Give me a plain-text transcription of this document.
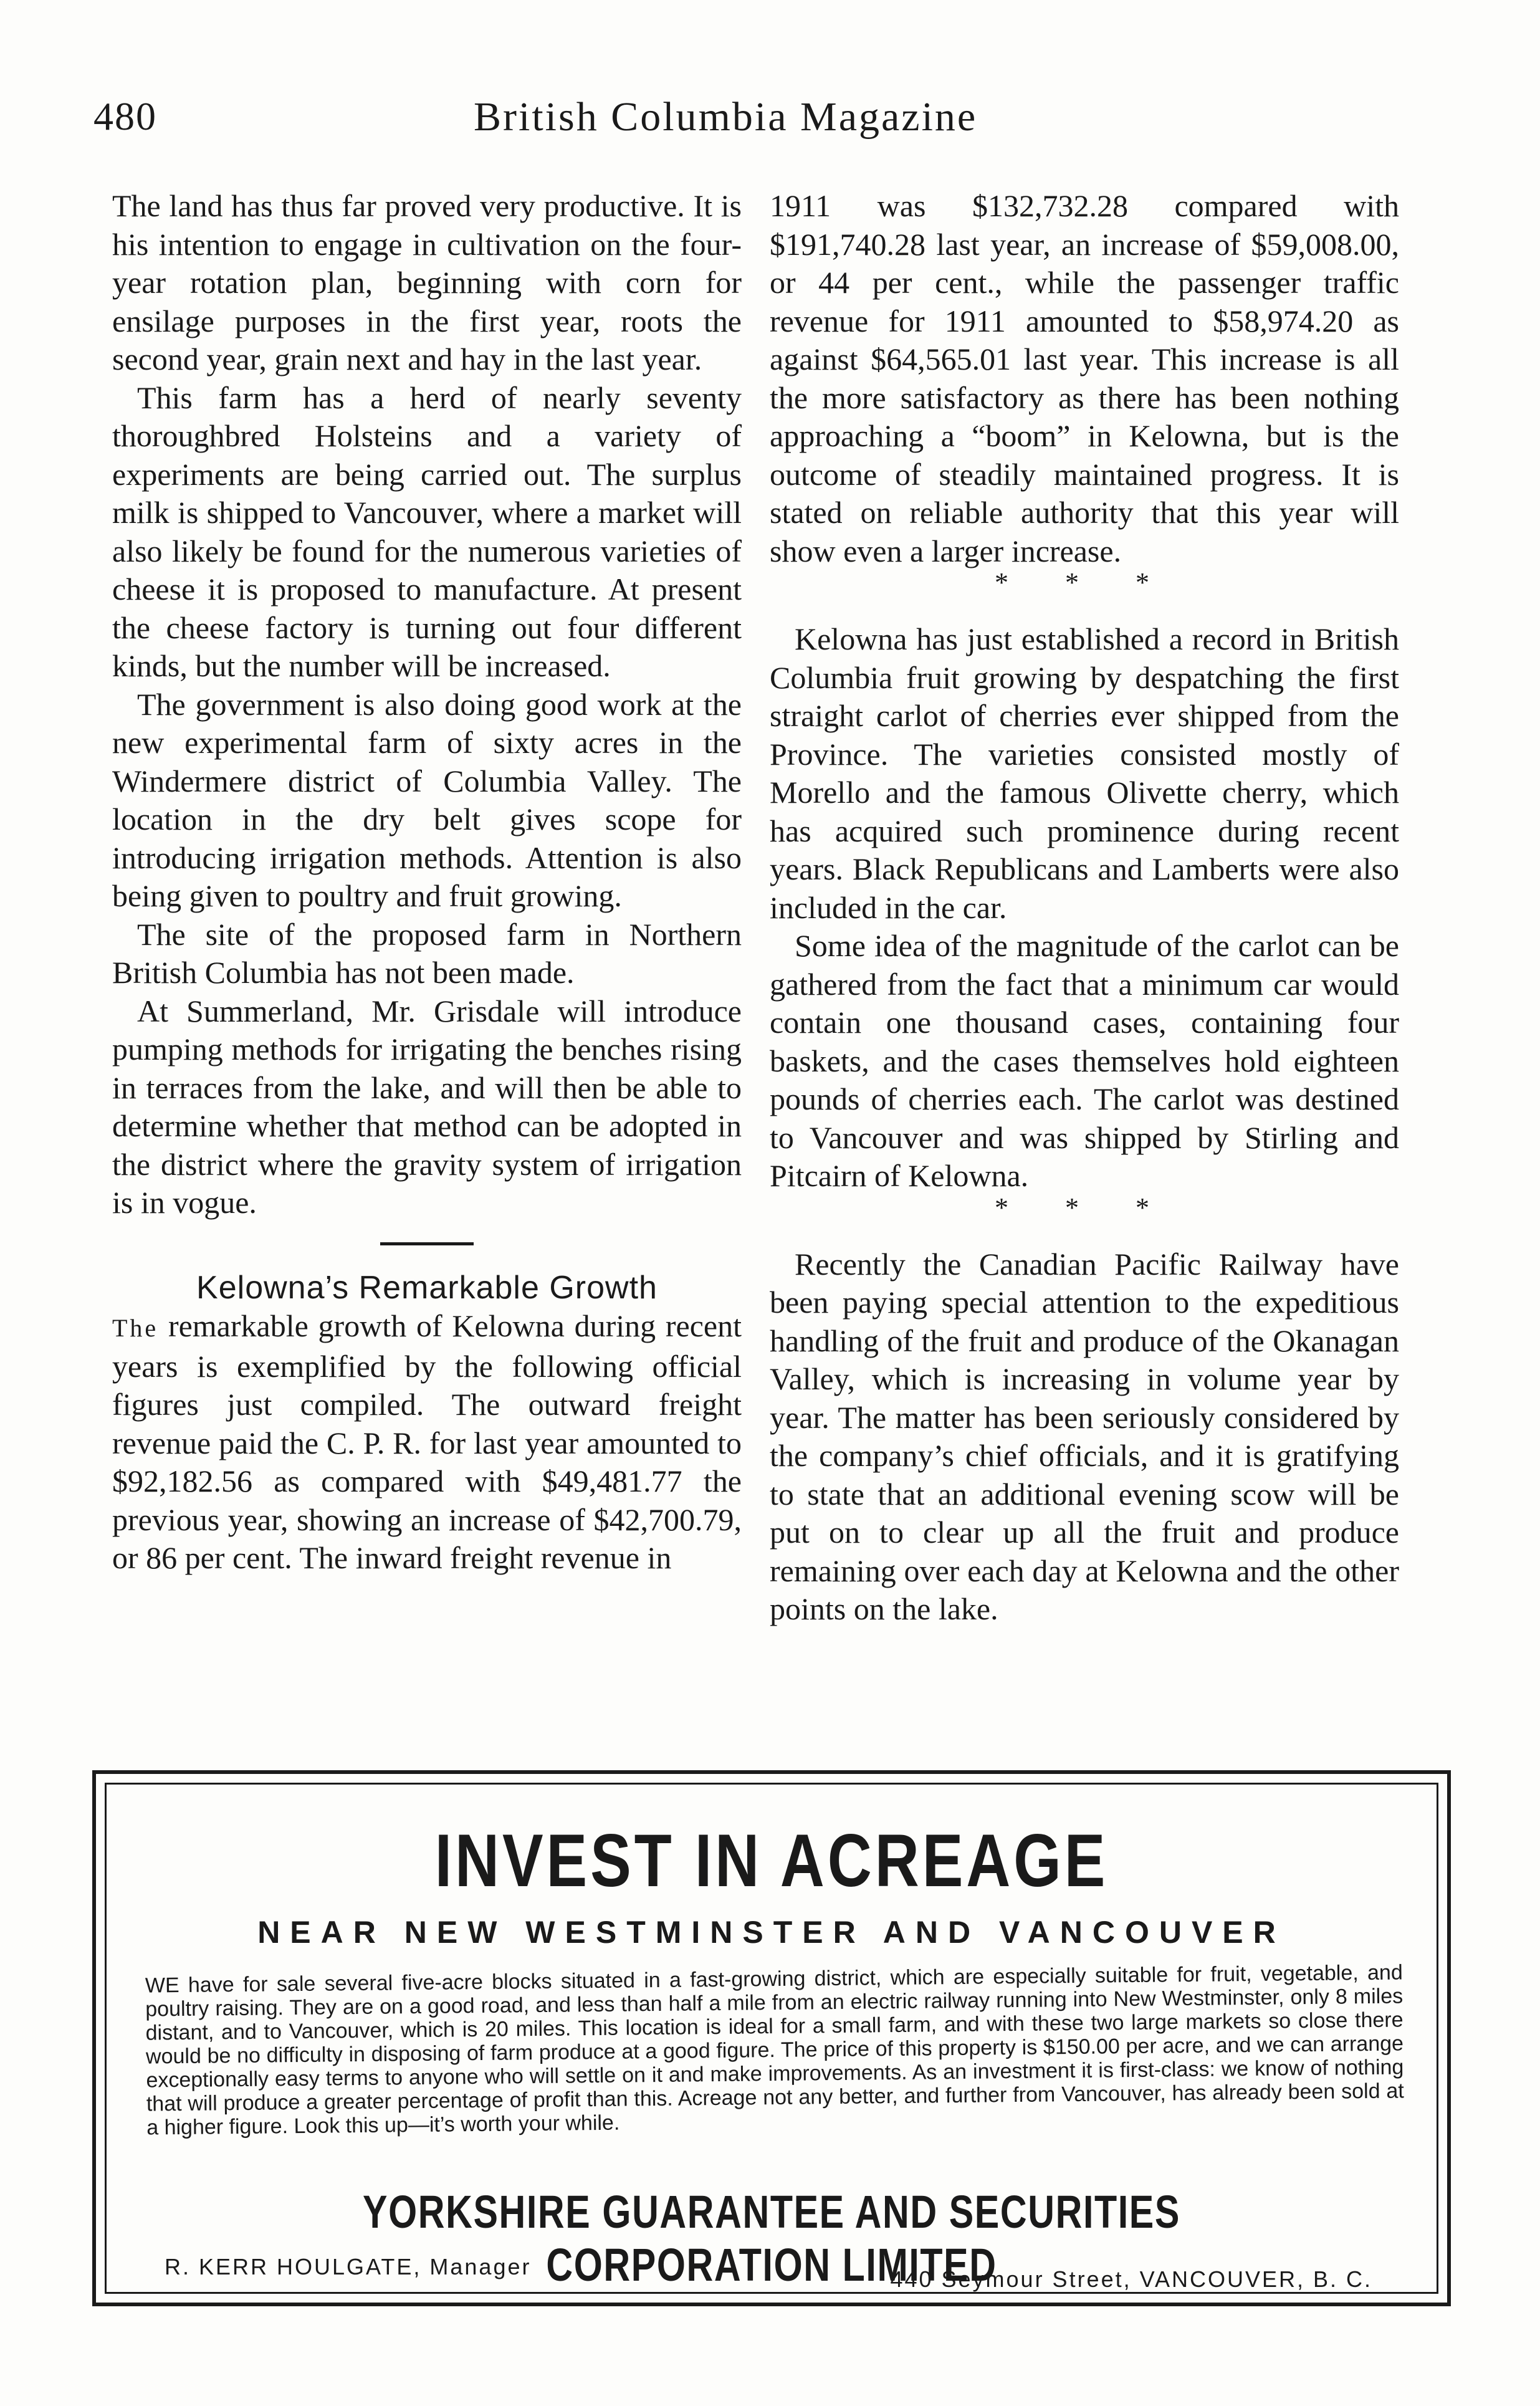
480	British Columbia Magazine

The land has thus far proved very productive. It is his intention to engage in cultivation on the four-year rotation plan, beginning with corn for ensilage purposes in the first year, roots the second year, grain next and hay in the last year.

This farm has a herd of nearly seventy thoroughbred Holsteins and a variety of experiments are being carried out. The surplus milk is shipped to Vancouver, where a market will also likely be found for the numerous varieties of cheese it is proposed to manufacture. At present the cheese factory is turning out four different kinds, but the number will be increased.

The government is also doing good work at the new experimental farm of sixty acres in the Windermere district of Columbia Valley. The location in the dry belt gives scope for introducing irrigation methods. Attention is also being given to poultry and fruit growing.

The site of the proposed farm in Northern British Columbia has not been made.

At Summerland, Mr. Grisdale will introduce pumping methods for irrigating the benches rising in terraces from the lake, and will then be able to determine whether that method can be adopted in the district where the gravity system of irrigation is in vogue.

Kelowna’s Remarkable Growth

The remarkable growth of Kelowna during recent years is exemplified by the following official figures just compiled. The outward freight revenue paid the C. P. R. for last year amounted to $92,182.56 as compared with $49,481.77 the previous year, showing an increase of $42,700.79, or 86 per cent. The inward freight revenue in

1911 was $132,732.28 compared with $191,740.28 last year, an increase of $59,008.00, or 44 per cent., while the passenger traffic revenue for 1911 amounted to $58,974.20 as against $64,565.01 last year. This increase is all the more satisfactory as there has been nothing approaching a “boom” in Kelowna, but is the outcome of steadily maintained progress. It is stated on reliable authority that this year will show even a larger increase.

* * *

Kelowna has just established a record in British Columbia fruit growing by despatching the first straight carlot of cherries ever shipped from the Province. The varieties consisted mostly of Morello and the famous Olivette cherry, which has acquired such prominence during recent years. Black Republicans and Lamberts were also included in the car.

Some idea of the magnitude of the carlot can be gathered from the fact that a minimum car would contain one thousand cases, containing four baskets, and the cases themselves hold eighteen pounds of cherries each. The carlot was destined to Vancouver and was shipped by Stirling and Pitcairn of Kelowna.

* * *

Recently the Canadian Pacific Railway have been paying special attention to the expeditious handling of the fruit and produce of the Okanagan Valley, which is increasing in volume year by year. The matter has been seriously considered by the company’s chief officials, and it is gratifying to state that an additional evening scow will be put on to clear up all the fruit and produce remaining over each day at Kelowna and the other points on the lake.

INVEST IN ACREAGE
NEAR NEW WESTMINSTER AND VANCOUVER
WE have for sale several five-acre blocks situated in a fast-growing district, which are especially suitable for fruit, vegetable, and poultry raising. They are on a good road, and less than half a mile from an electric railway running into New Westminster, only 8 miles distant, and to Vancouver, which is 20 miles. This location is ideal for a small farm, and with these two large markets so close there would be no difficulty in disposing of farm produce at a good figure. The price of this property is $150.00 per acre, and we can arrange exceptionally easy terms to anyone who will settle on it and make improvements. As an investment it is first-class: we know of nothing that will produce a greater percentage of profit than this. Acreage not any better, and further from Vancouver, has already been sold at a higher figure. Look this up—it’s worth your while.
YORKSHIRE GUARANTEE AND SECURITIES CORPORATION LIMITED
R. KERR HOULGATE, Manager	440 Seymour Street, VANCOUVER, B. C.
